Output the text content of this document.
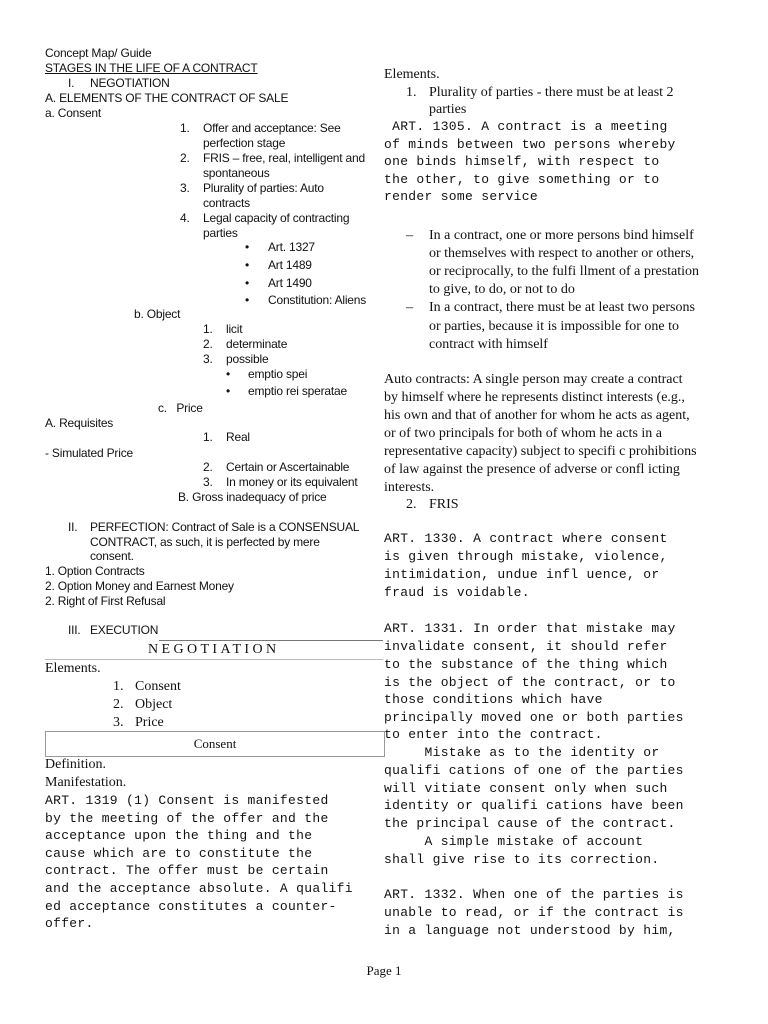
Concept Map/ Guide
STAGES IN THE LIFE OF A CONTRACT
I. NEGOTIATION
A. ELEMENTS OF THE CONTRACT OF SALE
a. Consent
1. Offer and acceptance: See
perfection stage
2. FRIS – free, real, intelligent and
spontaneous
3. Plurality of parties: Auto
contracts
4. Legal capacity of contracting
parties
• Art. 1327
• Art 1489
• Art 1490
• Constitution: Aliens
b. Object
1. licit
2. determinate
3. possible
• emptio spei
• emptio rei speratae
c.   Price
A. Requisites
1. Real
- Simulated Price
2. Certain or Ascertainable
3. In money or its equivalent
B. Gross inadequacy of price
II. PERFECTION: Contract of Sale is a CONSENSUAL
CONTRACT, as such, it is perfected by mere
consent.
1. Option Contracts
2. Option Money and Earnest Money
2. Right of First Refusal
III. EXECUTION
NEGOTIATION
Elements.
1. Consent
2. Object
3. Price
Consent
Definition.
Manifestation.
ART. 1319 (1) Consent is manifested
by the meeting of the offer and the
acceptance upon the thing and the
cause which are to constitute the
contract. The offer must be certain
and the acceptance absolute. A qualifi
ed acceptance constitutes a counter-
offer.
Elements.
1. Plurality of parties - there must be at least 2
parties
ART. 1305. A contract is a meeting
of minds between two persons whereby
one binds himself, with respect to
the other, to give something or to
render some service
– In a contract, one or more persons bind himself
or themselves with respect to another or others,
or reciprocally, to the fulfi llment of a prestation
to give, to do, or not to do
– In a contract, there must be at least two persons
or parties, because it is impossible for one to
contract with himself
Auto contracts: A single person may create a contract
by himself where he represents distinct interests (e.g.,
his own and that of another for whom he acts as agent,
or of two principals for both of whom he acts in a
representative capacity) subject to specifi c prohibitions
of law against the presence of adverse or confl icting
interests.
2. FRIS
ART. 1330. A contract where consent
is given through mistake, violence,
intimidation, undue infl uence, or
fraud is voidable.
ART. 1331. In order that mistake may
invalidate consent, it should refer
to the substance of the thing which
is the object of the contract, or to
those conditions which have
principally moved one or both parties
to enter into the contract.
Mistake as to the identity or
qualifi cations of one of the parties
will vitiate consent only when such
identity or qualifi cations have been
the principal cause of the contract.
A simple mistake of account
shall give rise to its correction.
ART. 1332. When one of the parties is
unable to read, or if the contract is
in a language not understood by him,
Page 1
